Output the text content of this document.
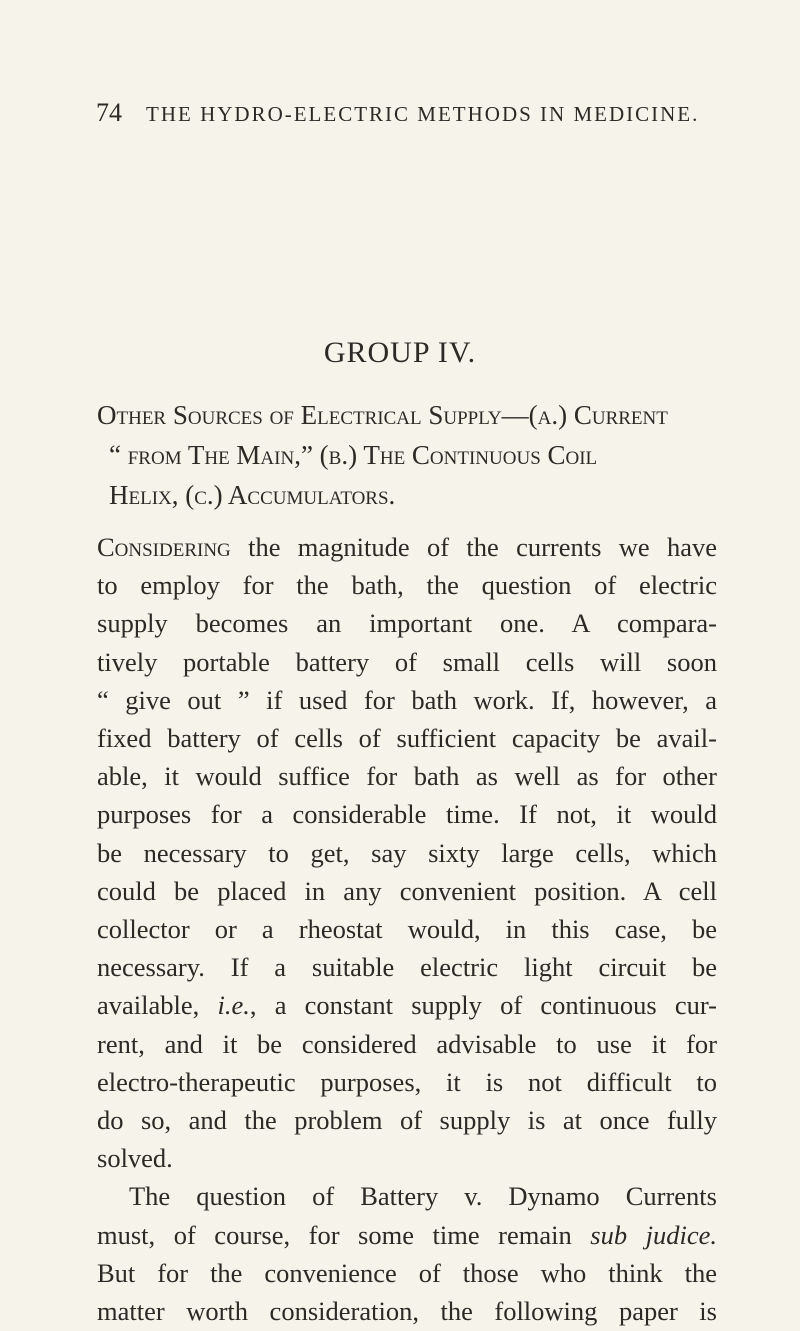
74 THE HYDRO-ELECTRIC METHODS IN MEDICINE.
GROUP IV.
Other Sources of Electrical Supply—(a.) Current
“ from The Main,” (b.) The Continuous Coil
Helix, (c.) Accumulators.
Considering the magnitude of the currents we have
to employ for the bath, the question of electric
supply becomes an important one. A compara-
tively portable battery of small cells will soon
“ give out ” if used for bath work. If, however, a
fixed battery of cells of sufficient capacity be avail-
able, it would suffice for bath as well as for other
purposes for a considerable time. If not, it would
be necessary to get, say sixty large cells, which
could be placed in any convenient position. A cell
collector or a rheostat would, in this case, be
necessary. If a suitable electric light circuit be
available, i.e., a constant supply of continuous cur-
rent, and it be considered advisable to use it for
electro-therapeutic purposes, it is not difficult to
do so, and the problem of supply is at once fully
solved.
The question of Battery v. Dynamo Currents
must, of course, for some time remain sub judice.
But for the convenience of those who think the
matter worth consideration, the following paper is
